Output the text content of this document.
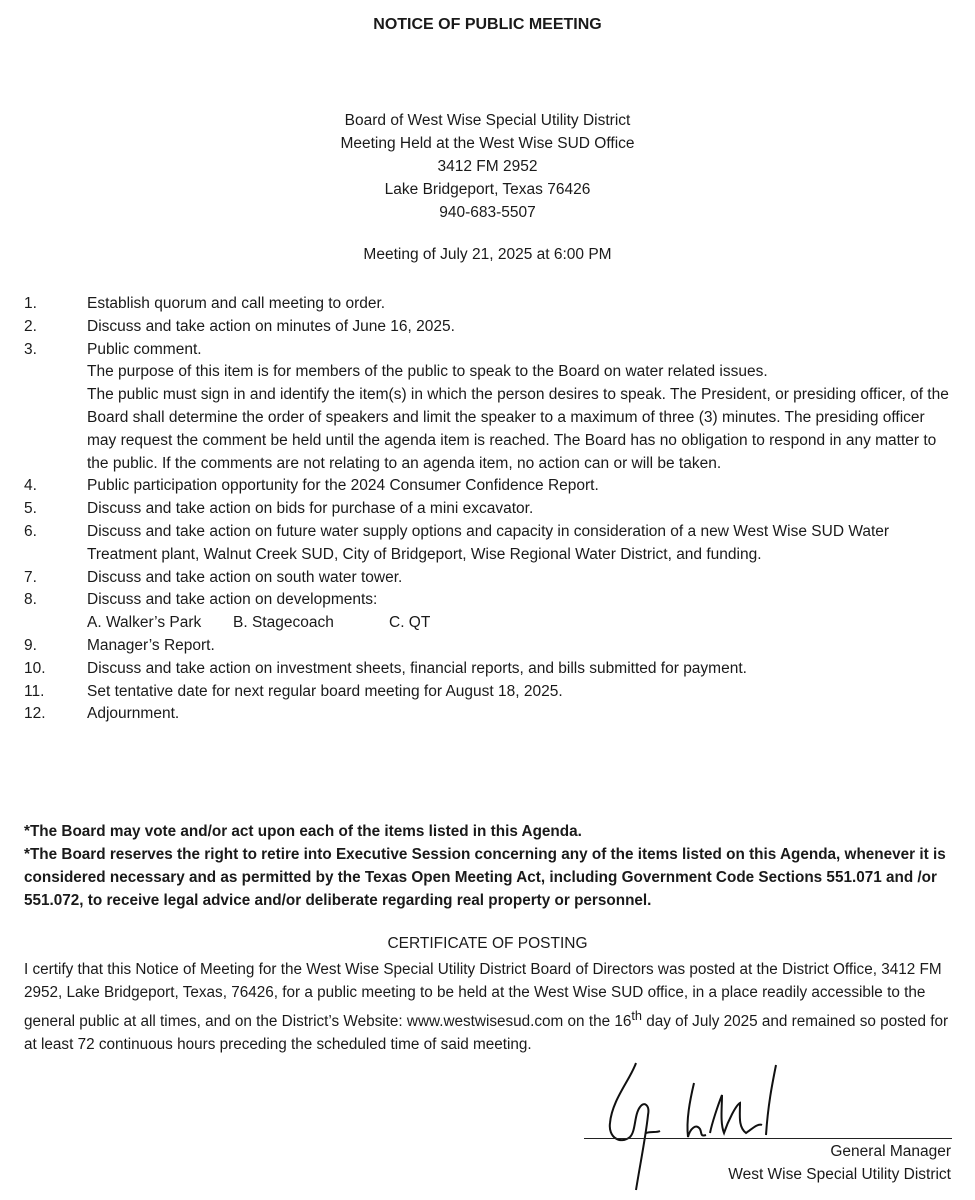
NOTICE OF PUBLIC MEETING
Board of West Wise Special Utility District
Meeting Held at the West Wise SUD Office
3412 FM 2952
Lake Bridgeport, Texas 76426
940-683-5507
Meeting of July 21, 2025 at 6:00 PM
1.	Establish quorum and call meeting to order.
2.	Discuss and take action on minutes of June 16, 2025.
3.	Public comment.
The purpose of this item is for members of the public to speak to the Board on water related issues.
The public must sign in and identify the item(s) in which the person desires to speak. The President, or presiding officer, of the Board shall determine the order of speakers and limit the speaker to a maximum of three (3) minutes. The presiding officer may request the comment be held until the agenda item is reached. The Board has no obligation to respond in any matter to the public. If the comments are not relating to an agenda item, no action can or will be taken.
4.	Public participation opportunity for the 2024 Consumer Confidence Report.
5.	Discuss and take action on bids for purchase of a mini excavator.
6.	Discuss and take action on future water supply options and capacity in consideration of a new West Wise SUD Water Treatment plant, Walnut Creek SUD, City of Bridgeport, Wise Regional Water District, and funding.
7.	Discuss and take action on south water tower.
8.	Discuss and take action on developments:
A. Walker’s Park	B. Stagecoach	C. QT
9.	Manager’s Report.
10.	Discuss and take action on investment sheets, financial reports, and bills submitted for payment.
11.	Set tentative date for next regular board meeting for August 18, 2025.
12.	Adjournment.

*The Board may vote and/or act upon each of the items listed in this Agenda.

*The Board reserves the right to retire into Executive Session concerning any of the items listed on this Agenda, whenever it is considered necessary and as permitted by the Texas Open Meeting Act, including Government Code Sections 551.071 and /or 551.072, to receive legal advice and/or deliberate regarding real property or personnel.

CERTIFICATE OF POSTING
I certify that this Notice of Meeting for the West Wise Special Utility District Board of Directors was posted at the District Office, 3412 FM 2952, Lake Bridgeport, Texas, 76426, for a public meeting to be held at the West Wise SUD office, in a place readily accessible to the general public at all times, and on the District’s Website: www.westwisesud.com on the 16th day of July 2025 and remained so posted for at least 72 continuous hours preceding the scheduled time of said meeting.
General Manager
West Wise Special Utility District
